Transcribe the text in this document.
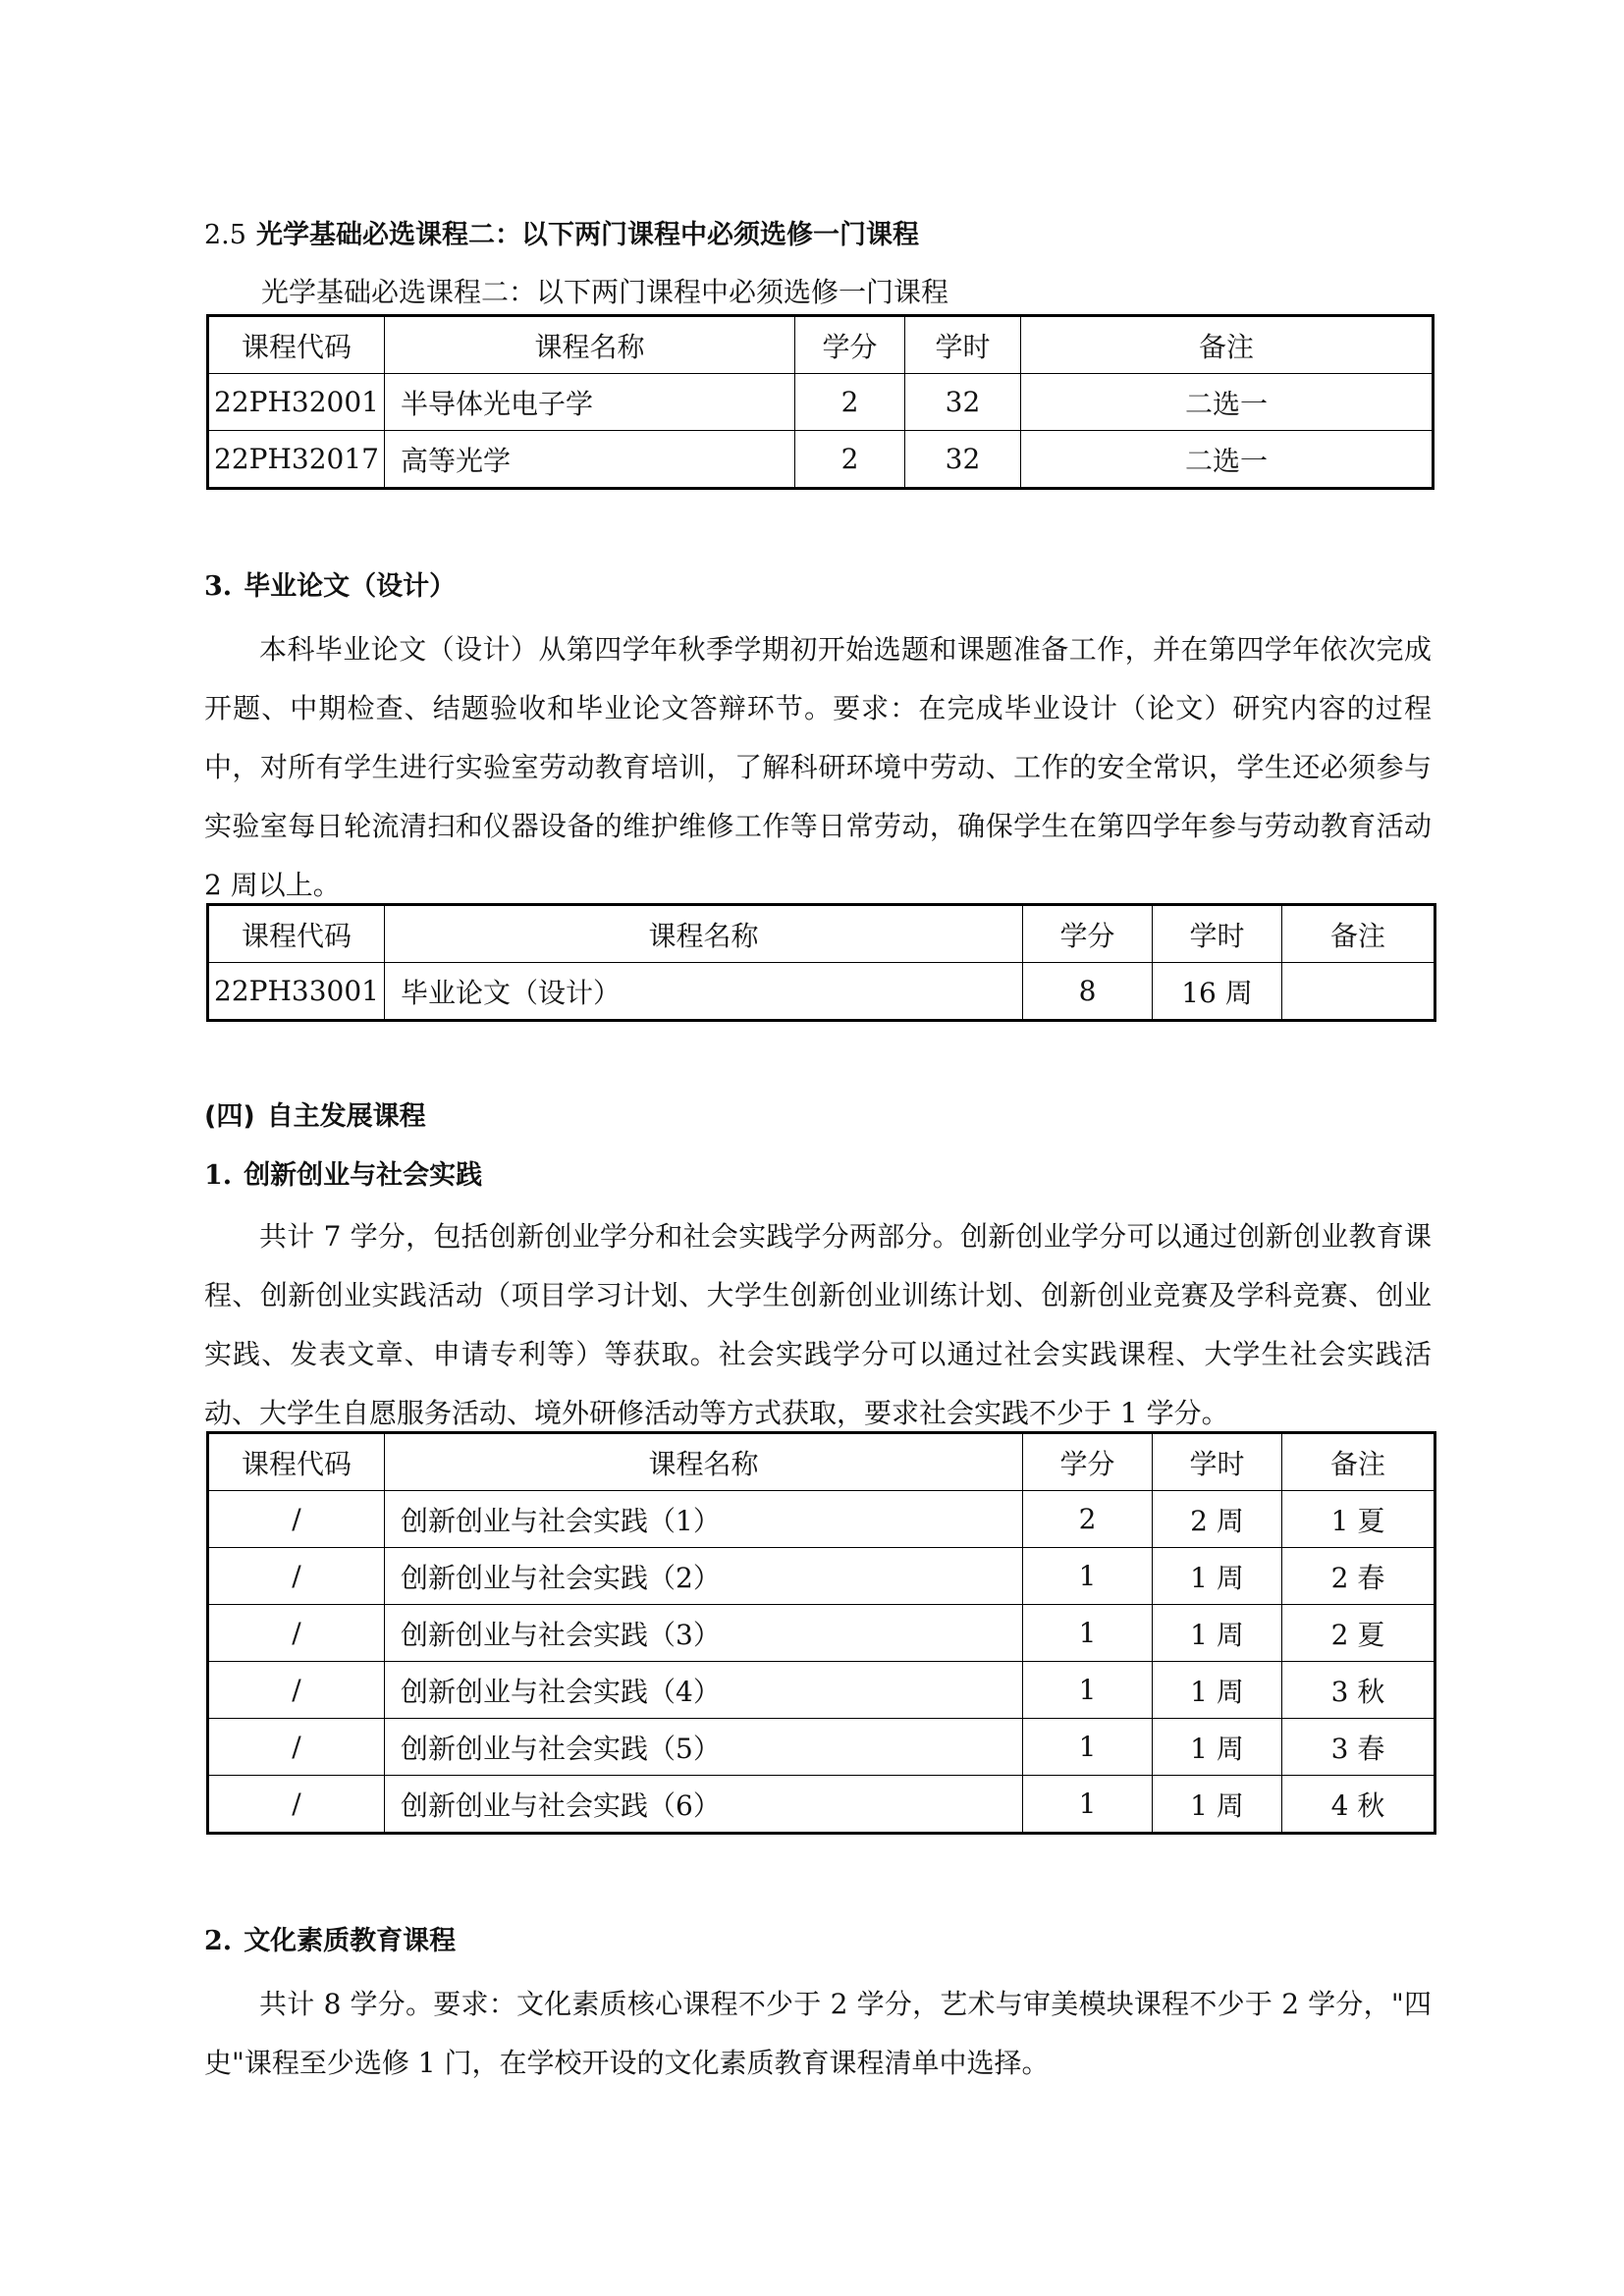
2.5 光学基础必选课程二：以下两门课程中必须选修一门课程
光学基础必选课程二：以下两门课程中必须选修一门课程
课程代码	课程名称	学分	学时	备注
22PH32001	半导体光电子学	2	32	二选一
22PH32017	高等光学	2	32	二选一
3. 毕业论文（设计）
本科毕业论文（设计）从第四学年秋季学期初开始选题和课题准备工作，并在第四学年依次完成开题、中期检查、结题验收和毕业论文答辩环节。要求：在完成毕业设计（论文）研究内容的过程中，对所有学生进行实验室劳动教育培训，了解科研环境中劳动、工作的安全常识，学生还必须参与实验室每日轮流清扫和仪器设备的维护维修工作等日常劳动，确保学生在第四学年参与劳动教育活动 2 周以上。
课程代码	课程名称	学分	学时	备注
22PH33001	毕业论文（设计）	8	16 周	
(四) 自主发展课程
1. 创新创业与社会实践
共计 7 学分，包括创新创业学分和社会实践学分两部分。创新创业学分可以通过创新创业教育课程、创新创业实践活动（项目学习计划、大学生创新创业训练计划、创新创业竞赛及学科竞赛、创业实践、发表文章、申请专利等）等获取。社会实践学分可以通过社会实践课程、大学生社会实践活动、大学生自愿服务活动、境外研修活动等方式获取，要求社会实践不少于 1 学分。
课程代码	课程名称	学分	学时	备注
/	创新创业与社会实践（1）	2	2 周	1 夏
/	创新创业与社会实践（2）	1	1 周	2 春
/	创新创业与社会实践（3）	1	1 周	2 夏
/	创新创业与社会实践（4）	1	1 周	3 秋
/	创新创业与社会实践（5）	1	1 周	3 春
/	创新创业与社会实践（6）	1	1 周	4 秋
2. 文化素质教育课程
共计 8 学分。要求：文化素质核心课程不少于 2 学分，艺术与审美模块课程不少于 2 学分，"四史"课程至少选修 1 门，在学校开设的文化素质教育课程清单中选择。
